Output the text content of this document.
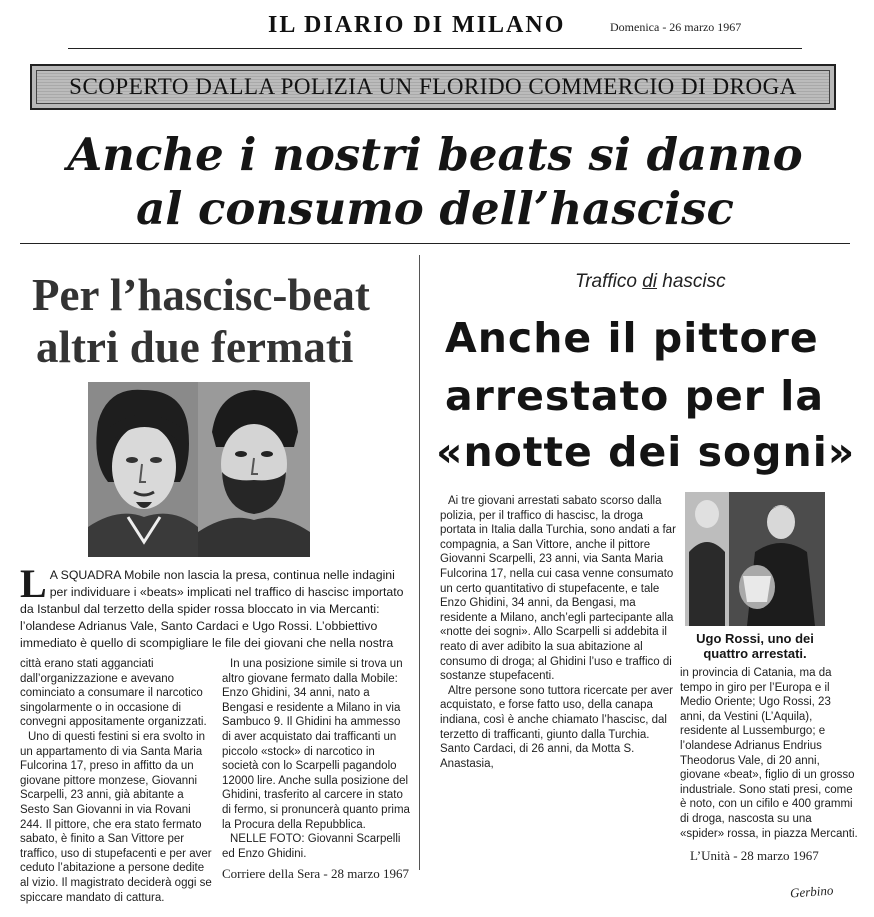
IL DIARIO DI MILANO	Domenica - 26 marzo 1967
SCOPERTO DALLA POLIZIA UN FLORIDO COMMERCIO DI DROGA
Anche i nostri beats si danno
al consumo dell’hascisc
Per l’hascisc-beat
altri due fermati
L A SQUADRA Mobile non lascia la presa, continua nelle indagini per individuare i «beats» implicati nel traffico di hascisc importato da Istanbul dal terzetto della spider rossa bloccato in via Mercanti: l’olandese Adrianus Vale, Santo Cardaci e Ugo Rossi. L’obbiettivo immediato è quello di scompigliare le file dei giovani che nella nostra

città erano stati agganciati dall’organizzazione e avevano cominciato a consumare il narcotico singolarmente o in occasione di convegni appositamente organizzati.

Uno di questi festini si era svolto in un appartamento di via Santa Maria Fulcorina 17, preso in affitto da un giovane pittore monzese, Giovanni Scarpelli, 23 anni, già abitante a Sesto San Giovanni in via Rovani 244. Il pittore, che era stato fermato sabato, è finito a San Vittore per traffico, uso di stupefacenti e per aver ceduto l’abitazione a persone dedite al vizio. Il magistrato deciderà oggi se spiccare mandato di cattura.

In una posizione simile si trova un altro giovane fermato dalla Mobile: Enzo Ghidini, 34 anni, nato a Bengasi e residente a Milano in via Sambuco 9. Il Ghidini ha ammesso di aver acquistato dai trafficanti un piccolo «stock» di narcotico in società con lo Scarpelli pagandolo 12000 lire. Anche sulla posizione del Ghidini, trasferito al carcere in stato di fermo, si pronuncerà quanto prima la Procura della Repubblica.

NELLE FOTO: Giovanni Scarpelli ed Enzo Ghidini.

Corriere della Sera - 28 marzo 1967
Traffico di hascisc
Anche il pittore
arrestato per la
«notte dei sogni»

Ai tre giovani arrestati sabato scorso dalla polizia, per il traffico di hascisc, la droga portata in Italia dalla Turchia, sono andati a far compagnia, a San Vittore, anche il pittore Giovanni Scarpelli, 23 anni, via Santa Maria Fulcorina 17, nella cui casa venne consumato un certo quantitativo di stupefacente, e tale Enzo Ghidini, 34 anni, da Bengasi, ma residente a Milano, anch’egli partecipante alla «notte dei sogni». Allo Scarpelli si addebita il reato di aver adibito la sua abitazione al consumo di droga; al Ghidini l’uso e traffico di sostanze stupefacenti.

Altre persone sono tuttora ricercate per aver acquistato, e forse fatto uso, della canapa indiana, così è anche chiamato l’hascisc, dal terzetto di trafficanti, giunto dalla Turchia. Santo Cardaci, di 26 anni, da Motta S. Anastasia,

Ugo Rossi, uno dei quattro arrestati.

in provincia di Catania, ma da tempo in giro per l’Europa e il Medio Oriente; Ugo Rossi, 23 anni, da Vestini (L’Aquila), residente al Lussemburgo; e l’olandese Adrianus Endrius Theodorus Vale, di 20 anni, giovane «beat», figlio di un grosso industriale. Sono stati presi, come è noto, con un cifilo e 400 grammi di droga, nascosta su una «spider» rossa, in piazza Mercanti.

L’Unità - 28 marzo 1967
Gerbino
